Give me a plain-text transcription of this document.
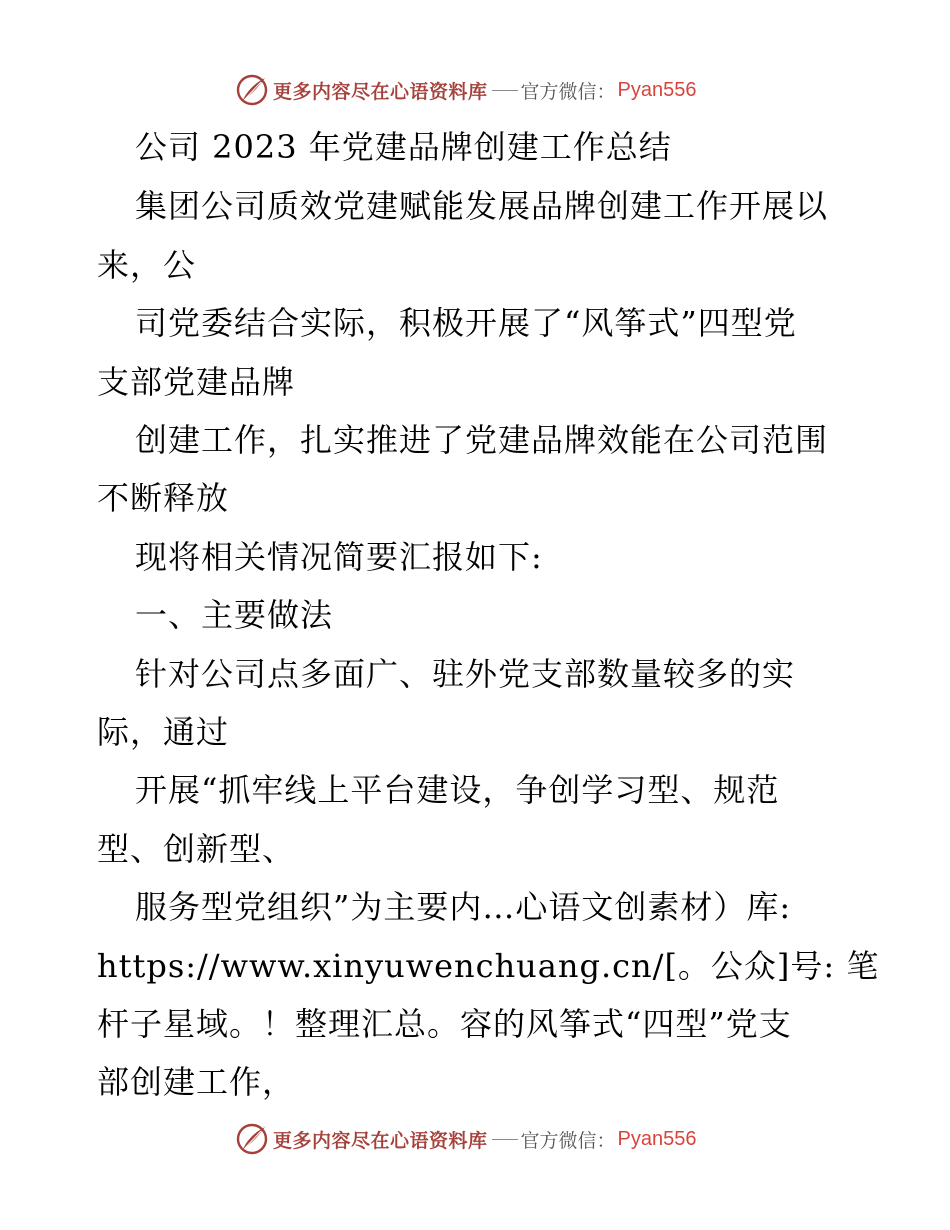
更多内容尽在心语资料库 官方微信： Pyan556
公司 2023 年党建品牌创建工作总结
集团公司质效党建赋能发展品牌创建工作开展以
来，公
司党委结合实际，积极开展了“风筝式”四型党
支部党建品牌
创建工作，扎实推进了党建品牌效能在公司范围
不断释放
现将相关情况简要汇报如下:
一、主要做法
针对公司点多面广、驻外党支部数量较多的实
际，通过
开展“抓牢线上平台建设，争创学习型、规范
型、创新型、
服务型党组织”为主要内…心语文创素材）库:
https://www.xinyuwenchuang.cn/[。公众]号: 笔
杆子星域。！整理汇总。容的风筝式“四型”党支
部创建工作，
更多内容尽在心语资料库 官方微信： Pyan556
